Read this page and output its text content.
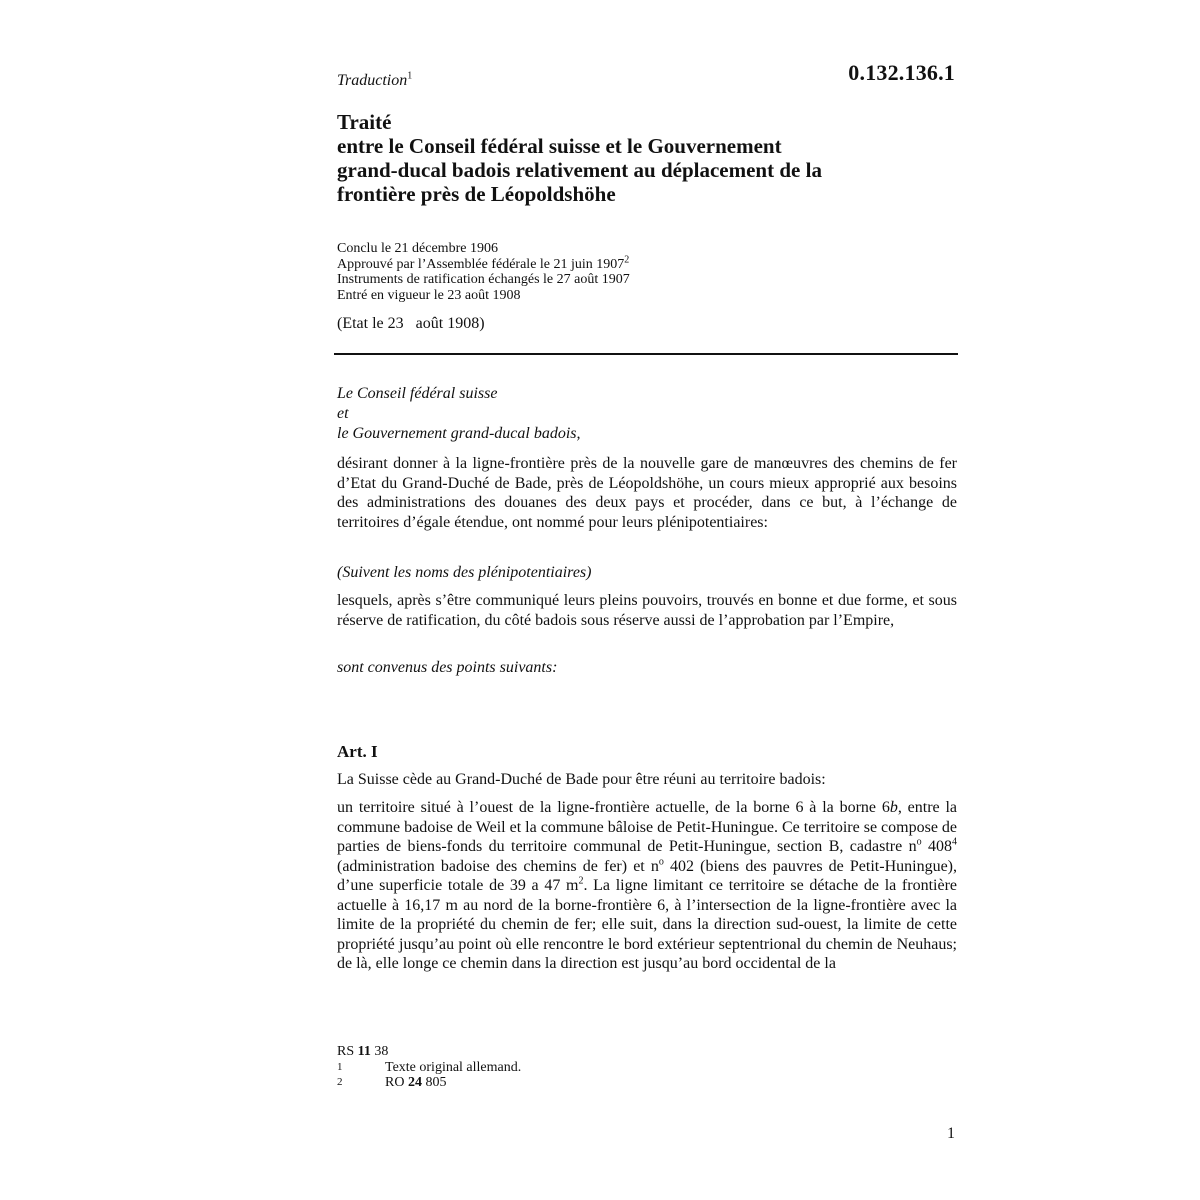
0.132.136.1
Traduction$^1$
Traité
entre le Conseil fédéral suisse et le Gouvernement
grand-ducal badois relativement au déplacement de la
frontière près de Léopoldshöhe
Conclu le 21 décembre 1906
Approuvé par l’Assemblée fédérale le 21 juin 1907$^2$
Instruments de ratification échangés le 27 août 1907
Entré en vigueur le 23 août 1908
(Etat le 23   août 1908)
Le Conseil fédéral suisse
et
le Gouvernement grand-ducal badois,

désirant donner à la ligne-frontière près de la nouvelle gare de manœuvres des chemins de fer d’Etat du Grand-Duché de Bade, près de Léopoldshöhe, un cours mieux approprié aux besoins des administrations des douanes des deux pays et procéder, dans ce but, à l’échange de territoires d’égale étendue, ont nommé pour leurs plénipotentiaires:

(Suivent les noms des plénipotentiaires)

lesquels, après s’être communiqué leurs pleins pouvoirs, trouvés en bonne et due forme, et sous réserve de ratification, du côté badois sous réserve aussi de l’approbation par l’Empire,

sont convenus des points suivants:

Art. I

La Suisse cède au Grand-Duché de Bade pour être réuni au territoire badois:

un territoire situé à l’ouest de la ligne-frontière actuelle, de la borne 6 à la borne 6b, entre la commune badoise de Weil et la commune bâloise de Petit-Huningue. Ce territoire se compose de parties de biens-fonds du territoire communal de Petit-Huningue, section B, cadastre $n^o$ $408^4$ (administration badoise des chemins de fer) et $n^o$ 402 (biens des pauvres de Petit-Huningue), d’une superficie totale de 39 a 47 $m^2$. La ligne limitant ce territoire se détache de la frontière actuelle à 16,17 m au nord de la borne-frontière 6, à l’intersection de la ligne-frontière avec la limite de la propriété du chemin de fer; elle suit, dans la direction sud-ouest, la limite de cette propriété jusqu’au point où elle rencontre le bord extérieur septentrional du chemin de Neuhaus; de là, elle longe ce chemin dans la direction est jusqu’au bord occidental de la

RS 11 38
1	Texte original allemand.
2	RO 24 805
1
